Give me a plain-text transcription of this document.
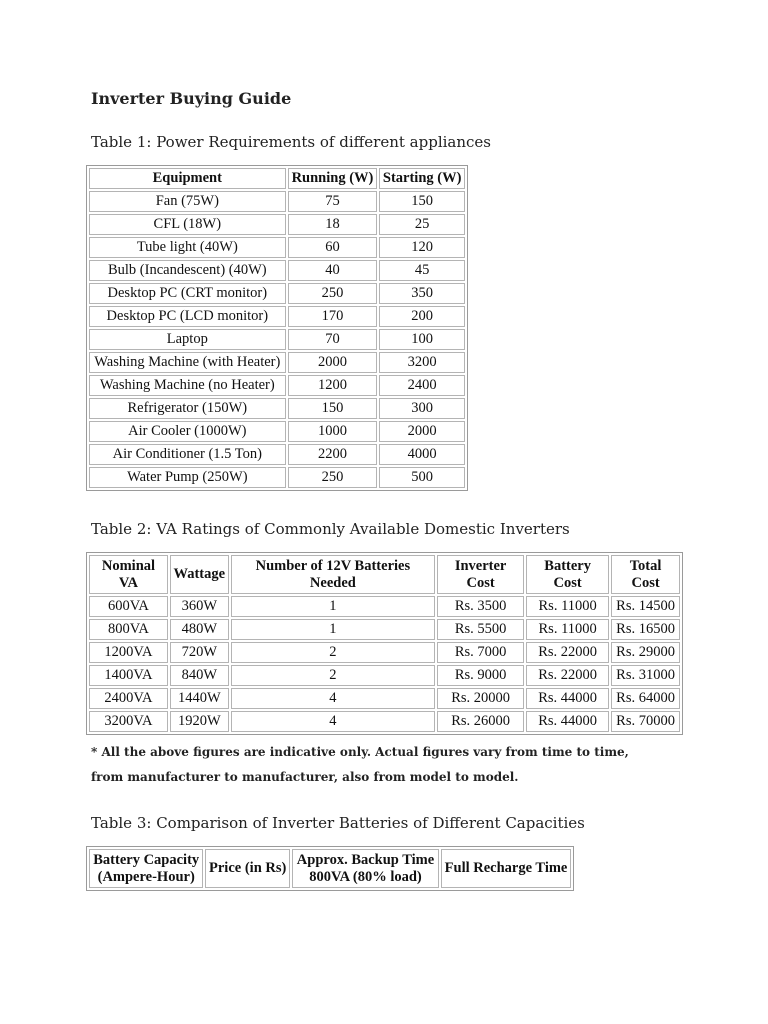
Inverter Buying Guide
Table 1: Power Requirements of different appliances
Equipment	Running (W)	Starting (W)
Fan (75W)	75	150
CFL (18W)	18	25
Tube light (40W)	60	120
Bulb (Incandescent) (40W)	40	45
Desktop PC (CRT monitor)	250	350
Desktop PC (LCD monitor)	170	200
Laptop	70	100
Washing Machine (with Heater)	2000	3200
Washing Machine (no Heater)	1200	2400
Refrigerator (150W)	150	300
Air Cooler (1000W)	1000	2000
Air Conditioner (1.5 Ton)	2200	4000
Water Pump (250W)	250	500
Table 2: VA Ratings of Commonly Available Domestic Inverters
Nominal VA	Wattage	Number of 12V Batteries Needed	Inverter Cost	Battery Cost	Total Cost
600VA	360W	1	Rs. 3500	Rs. 11000	Rs. 14500
800VA	480W	1	Rs. 5500	Rs. 11000	Rs. 16500
1200VA	720W	2	Rs. 7000	Rs. 22000	Rs. 29000
1400VA	840W	2	Rs. 9000	Rs. 22000	Rs. 31000
2400VA	1440W	4	Rs. 20000	Rs. 44000	Rs. 64000
3200VA	1920W	4	Rs. 26000	Rs. 44000	Rs. 70000

* All the above figures are indicative only. Actual figures vary from time to time, from manufacturer to manufacturer, also from model to model.

Table 3: Comparison of Inverter Batteries of Different Capacities
Battery Capacity (Ampere-Hour)	Price (in Rs)	Approx. Backup Time 800VA (80% load)	Full Recharge Time
